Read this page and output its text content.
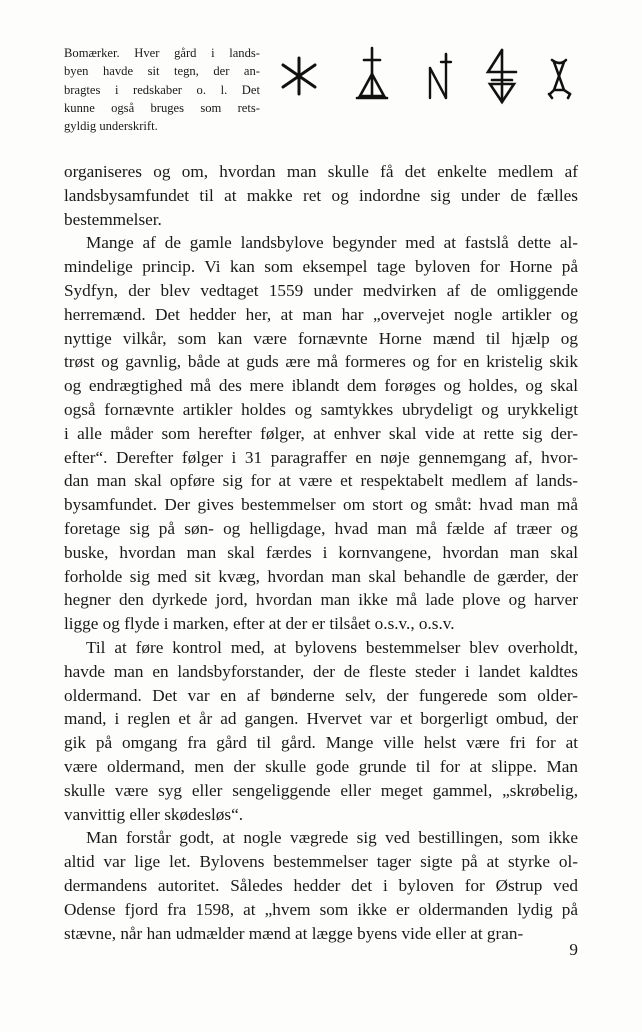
Bomærker. Hver gård i lands-
byen havde sit tegn, der an-
bragtes i redskaber o. l. Det
kunne også bruges som rets-
gyldig underskrift.

organiseres og om, hvordan man skulle få det enkelte medlem af
landsbysamfundet til at makke ret og indordne sig under de fælles
bestemmelser.

Mange af de gamle landsbylove begynder med at fastslå dette al-
mindelige princip. Vi kan som eksempel tage byloven for Horne på
Sydfyn, der blev vedtaget 1559 under medvirken af de omliggende
herremænd. Det hedder her, at man har „overvejet nogle artikler og
nyttige vilkår, som kan være fornævnte Horne mænd til hjælp og
trøst og gavnlig, både at guds ære må formeres og for en kristelig skik
og endrægtighed må des mere iblandt dem forøges og holdes, og skal
også fornævnte artikler holdes og samtykkes ubrydeligt og urykkeligt
i alle måder som herefter følger, at enhver skal vide at rette sig der-
efter“. Derefter følger i 31 paragraffer en nøje gennemgang af, hvor-
dan man skal opføre sig for at være et respektabelt medlem af lands-
bysamfundet. Der gives bestemmelser om stort og småt: hvad man må
foretage sig på søn- og helligdage, hvad man må fælde af træer og
buske, hvordan man skal færdes i kornvangene, hvordan man skal
forholde sig med sit kvæg, hvordan man skal behandle de gærder, der
hegner den dyrkede jord, hvordan man ikke må lade plove og harver
ligge og flyde i marken, efter at der er tilsået o.s.v., o.s.v.

Til at føre kontrol med, at bylovens bestemmelser blev overholdt,
havde man en landsbyforstander, der de fleste steder i landet kaldtes
oldermand. Det var en af bønderne selv, der fungerede som older-
mand, i reglen et år ad gangen. Hvervet var et borgerligt ombud, der
gik på omgang fra gård til gård. Mange ville helst være fri for at
være oldermand, men der skulle gode grunde til for at slippe. Man
skulle være syg eller sengeliggende eller meget gammel, „skrøbelig,
vanvittig eller skødesløs“.

Man forstår godt, at nogle vægrede sig ved bestillingen, som ikke
altid var lige let. Bylovens bestemmelser tager sigte på at styrke ol-
dermandens autoritet. Således hedder det i byloven for Østrup ved
Odense fjord fra 1598, at „hvem som ikke er oldermanden lydig på
stævne, når han udmælder mænd at lægge byens vide eller at gran-

9
